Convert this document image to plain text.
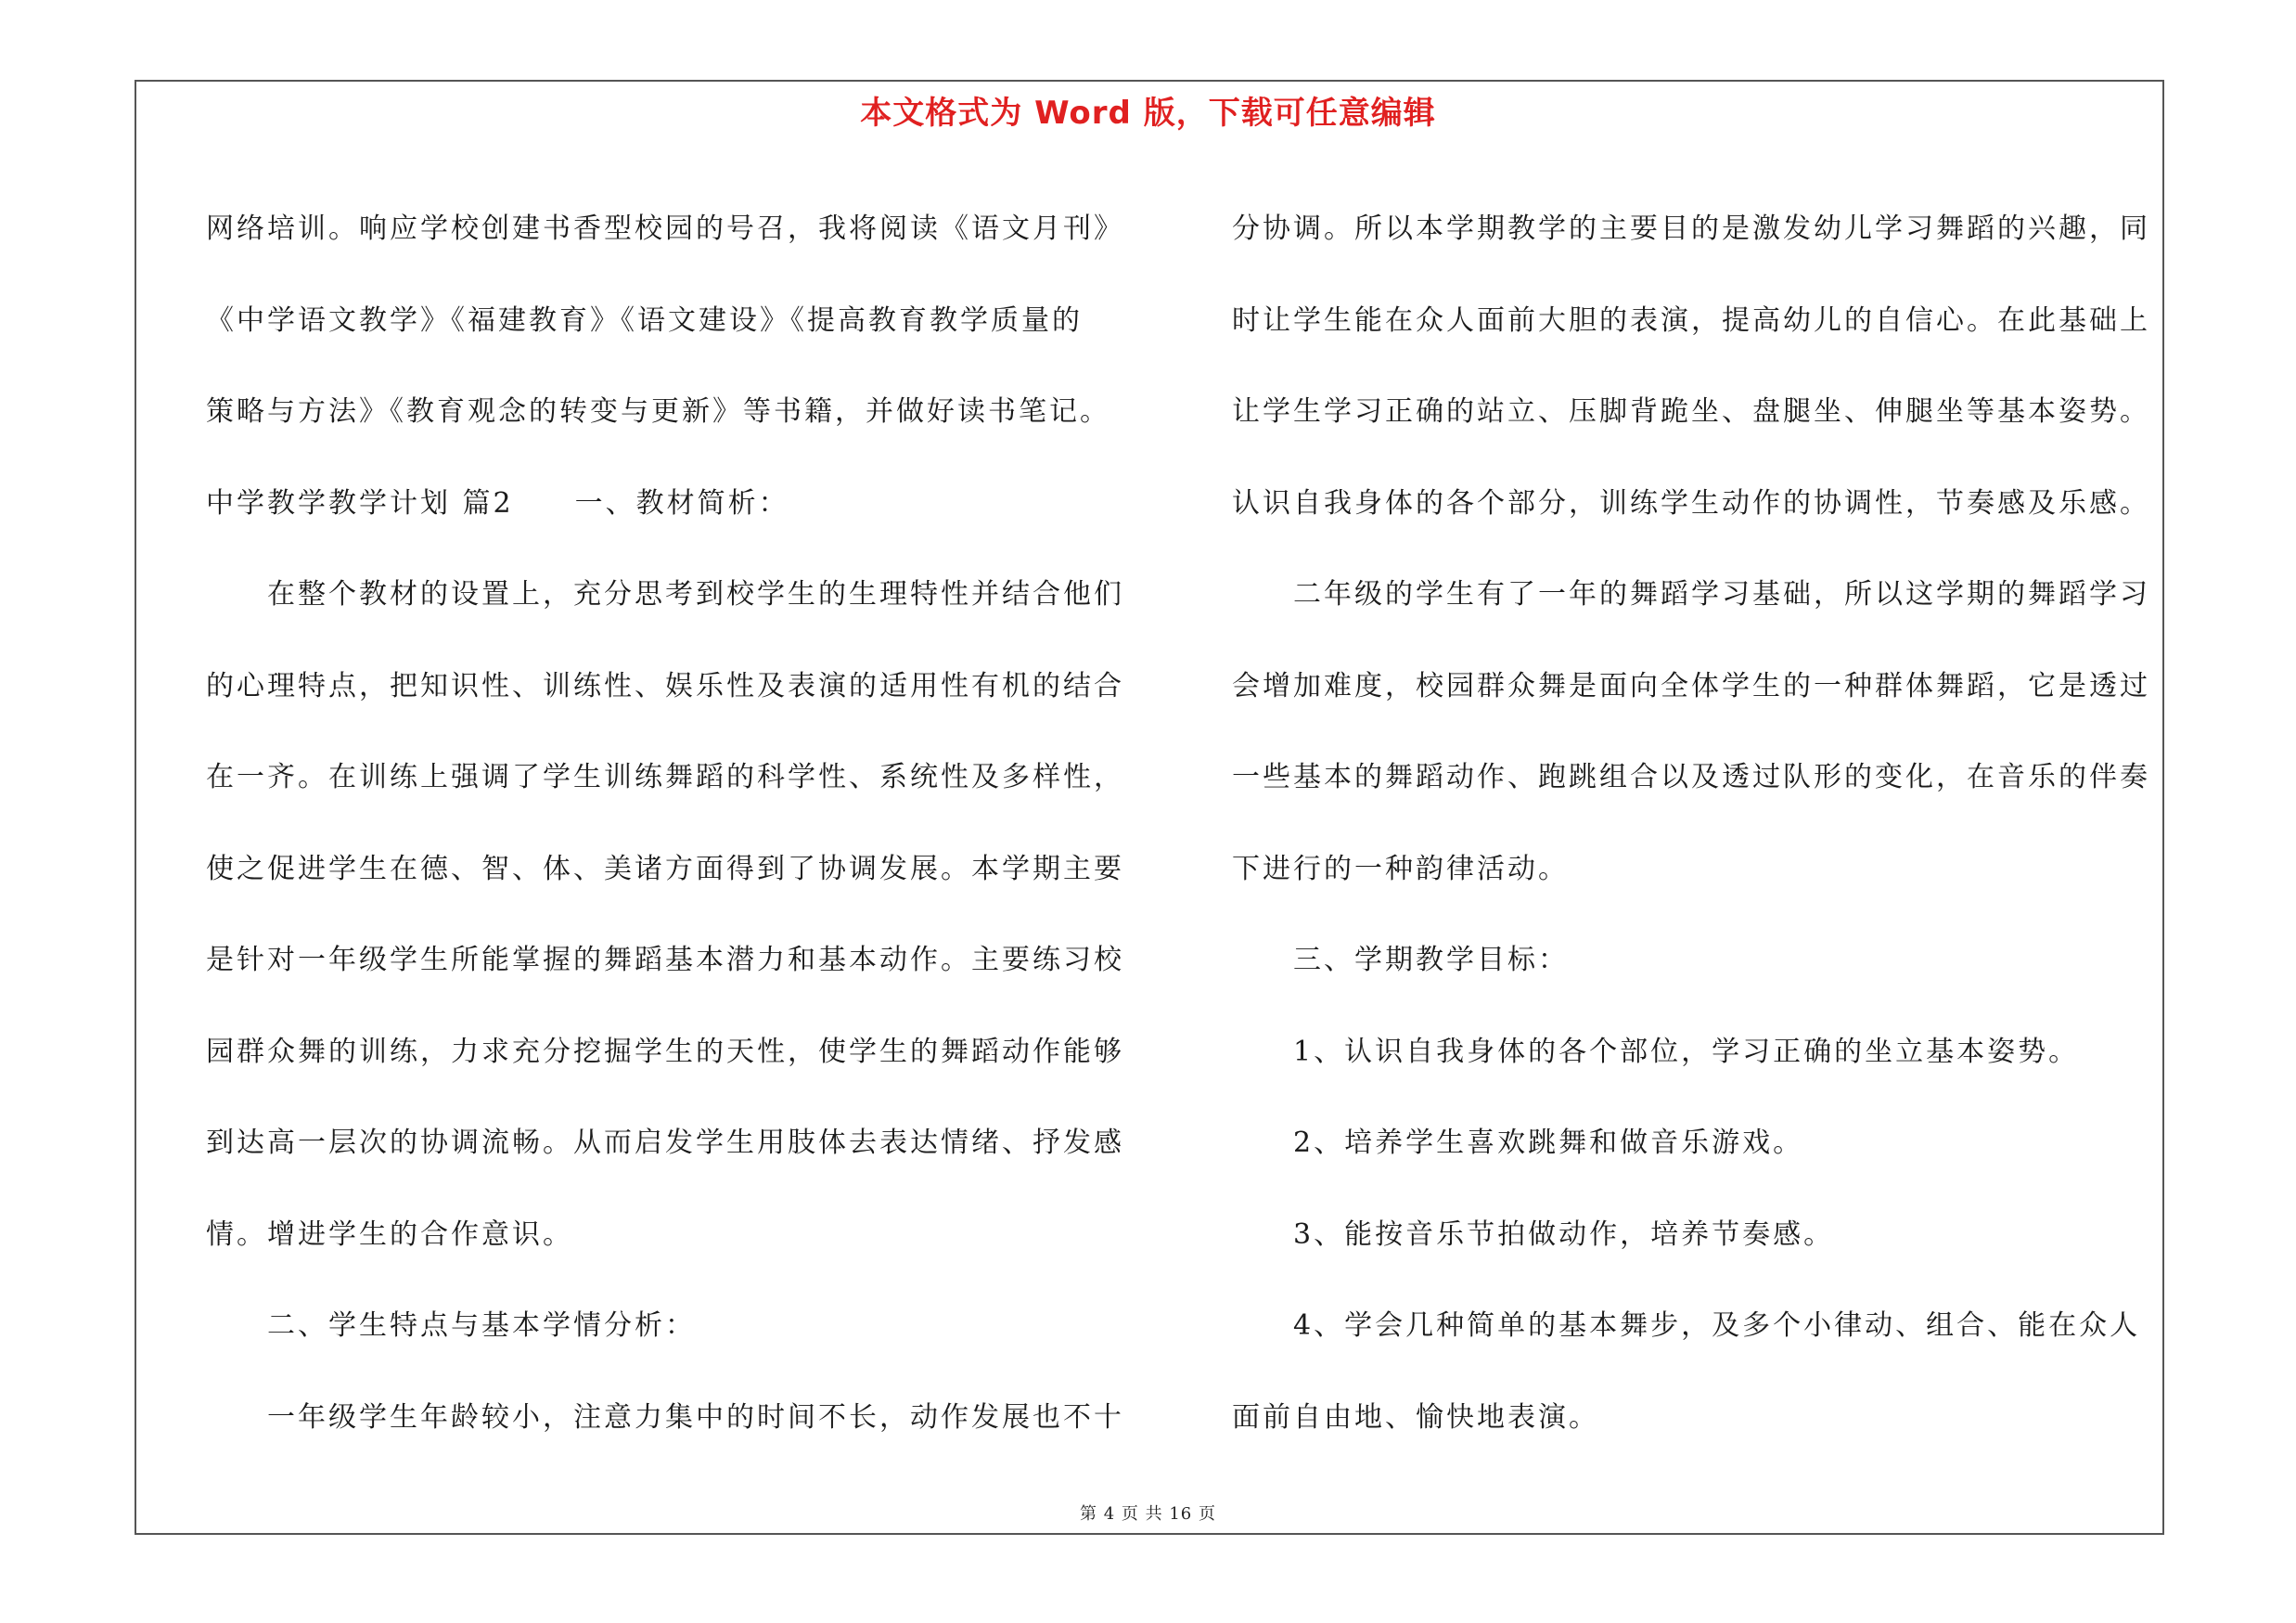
本文格式为 Word 版，下载可任意编辑
网络培训。响应学校创建书香型校园的号召，我将阅读《语文月刊》
《中学语文教学》《福建教育》《语文建设》《提高教育教学质量的
策略与方法》《教育观念的转变与更新》等书籍，并做好读书笔记。
中学教学教学计划 篇2　　一、教材简析：
在整个教材的设置上，充分思考到校学生的生理特性并结合他们
的心理特点，把知识性、训练性、娱乐性及表演的适用性有机的结合
在一齐。在训练上强调了学生训练舞蹈的科学性、系统性及多样性，
使之促进学生在德、智、体、美诸方面得到了协调发展。本学期主要
是针对一年级学生所能掌握的舞蹈基本潜力和基本动作。主要练习校
园群众舞的训练，力求充分挖掘学生的天性，使学生的舞蹈动作能够
到达高一层次的协调流畅。从而启发学生用肢体去表达情绪、抒发感
情。增进学生的合作意识。
二、学生特点与基本学情分析：
一年级学生年龄较小，注意力集中的时间不长，动作发展也不十
分协调。所以本学期教学的主要目的是激发幼儿学习舞蹈的兴趣，同
时让学生能在众人面前大胆的表演，提高幼儿的自信心。在此基础上
让学生学习正确的站立、压脚背跪坐、盘腿坐、伸腿坐等基本姿势。
认识自我身体的各个部分，训练学生动作的协调性，节奏感及乐感。
二年级的学生有了一年的舞蹈学习基础，所以这学期的舞蹈学习
会增加难度，校园群众舞是面向全体学生的一种群体舞蹈，它是透过
一些基本的舞蹈动作、跑跳组合以及透过队形的变化，在音乐的伴奏
下进行的一种韵律活动。
三、学期教学目标：
1、认识自我身体的各个部位，学习正确的坐立基本姿势。
2、培养学生喜欢跳舞和做音乐游戏。
3、能按音乐节拍做动作，培养节奏感。
4、学会几种简单的基本舞步，及多个小律动、组合、能在众人
面前自由地、愉快地表演。
第 4 页 共 16 页
